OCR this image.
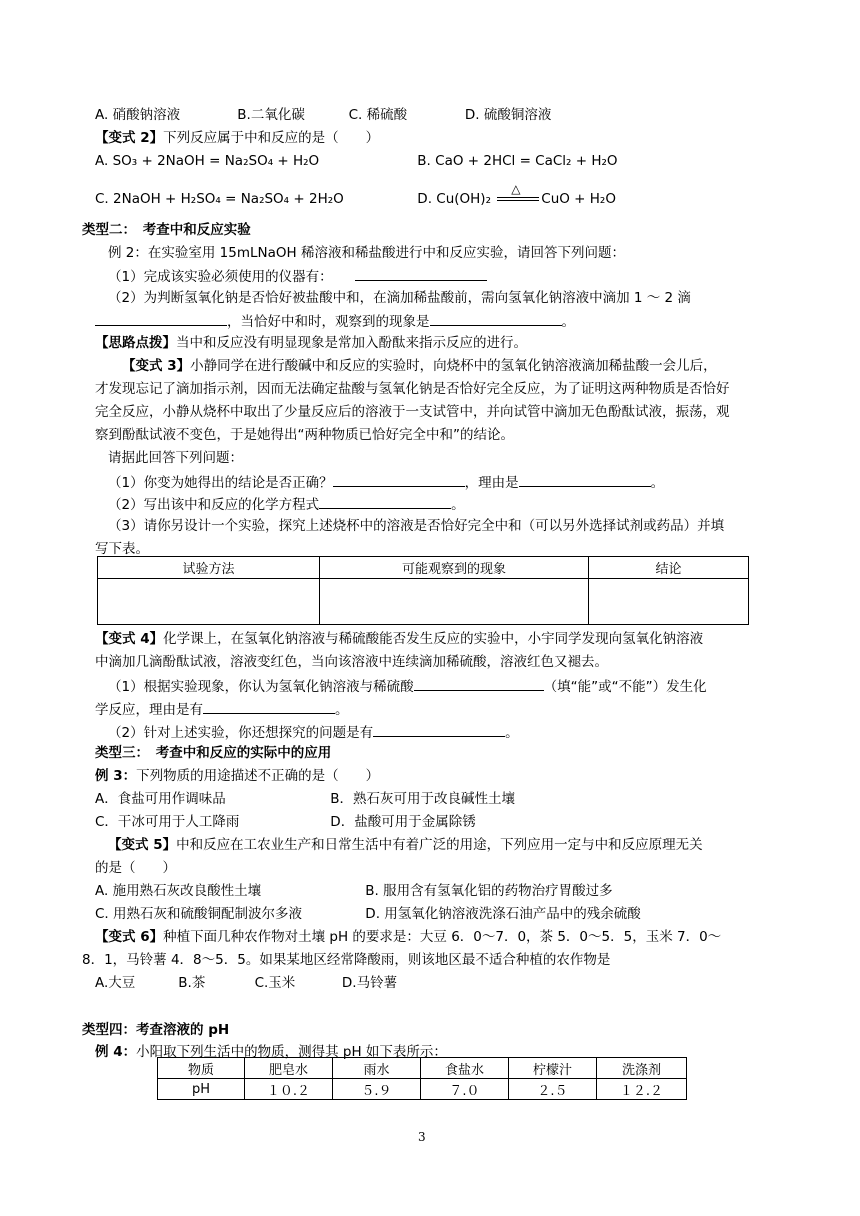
A. 硝酸钠溶液	B.二氧化碳	C. 稀硫酸	D. 硫酸铜溶液
【变式 2】下列反应属于中和反应的是（　　）
A. SO₃ + 2NaOH = Na₂SO₄ + H₂O	B. CaO + 2HCl = CaCl₂ + H₂O
C. 2NaOH + H₂SO₄ = Na₂SO₄ + 2H₂O	D. Cu(OH)₂
△
CuO + H₂O
类型二：　考查中和反应实验
例 2：在实验室用 15mLNaOH 稀溶液和稀盐酸进行中和反应实验，请回答下列问题：
（1）完成该实验必须使用的仪器有：
（2）为判断氢氧化钠是否恰好被盐酸中和，在滴加稀盐酸前，需向氢氧化钠溶液中滴加 1 ～ 2 滴
，当恰好中和时，观察到的现象是	。
【思路点拨】当中和反应没有明显现象是常加入酚酞来指示反应的进行。
【变式 3】小静同学在进行酸碱中和反应的实验时，向烧杯中的氢氧化钠溶液滴加稀盐酸一会儿后，
才发现忘记了滴加指示剂，因而无法确定盐酸与氢氧化钠是否恰好完全反应，为了证明这两种物质是否恰好
完全反应，小静从烧杯中取出了少量反应后的溶液于一支试管中，并向试管中滴加无色酚酞试液，振荡，观
察到酚酞试液不变色，于是她得出“两种物质已恰好完全中和”的结论。
请据此回答下列问题：
（1）你变为她得出的结论是否正确？	，理由是	。
（2）写出该中和反应的化学方程式	。
（3）请你另设计一个实验，探究上述烧杯中的溶液是否恰好完全中和（可以另外选择试剂或药品）并填
写下表。
试验方法	可能观察到的现象	结论

【变式 4】化学课上，在氢氧化钠溶液与稀硫酸能否发生反应的实验中，小宇同学发现向氢氧化钠溶液
中滴加几滴酚酞试液，溶液变红色，当向该溶液中连续滴加稀硫酸，溶液红色又褪去。
（1）根据实验现象，你认为氢氧化钠溶液与稀硫酸	（填“能”或“不能”）发生化
学反应，理由是有	。
（2）针对上述实验，你还想探究的问题是有	。
类型三：　考查中和反应的实际中的应用
例 3：下列物质的用途描述不正确的是（　　）
A．食盐可用作调味品	B．熟石灰可用于改良碱性土壤
C．干冰可用于人工降雨	D．盐酸可用于金属除锈
【变式 5】中和反应在工农业生产和日常生活中有着广泛的用途，下列应用一定与中和反应原理无关
的是（　　）
A. 施用熟石灰改良酸性土壤	B. 服用含有氢氧化铝的药物治疗胃酸过多
C. 用熟石灰和硫酸铜配制波尔多液	D. 用氢氧化钠溶液洗涤石油产品中的残余硫酸
【变式 6】种植下面几种农作物对土壤 pH 的要求是：大豆 6．0～7．0，茶 5．0～5．5，玉米 7．0～
8．1，马铃薯 4．8～5．5。如果某地区经常降酸雨，则该地区最不适合种植的农作物是
A.大豆	B.茶	C.玉米	D.马铃薯
类型四：考查溶液的 pH
例 4：小阳取下列生活中的物质，测得其 pH 如下表所示：
物质	肥皂水	雨水	食盐水	柠檬汁	洗涤剂
pH	１０.２	５.９	７.０	２.５	１２.２
3
